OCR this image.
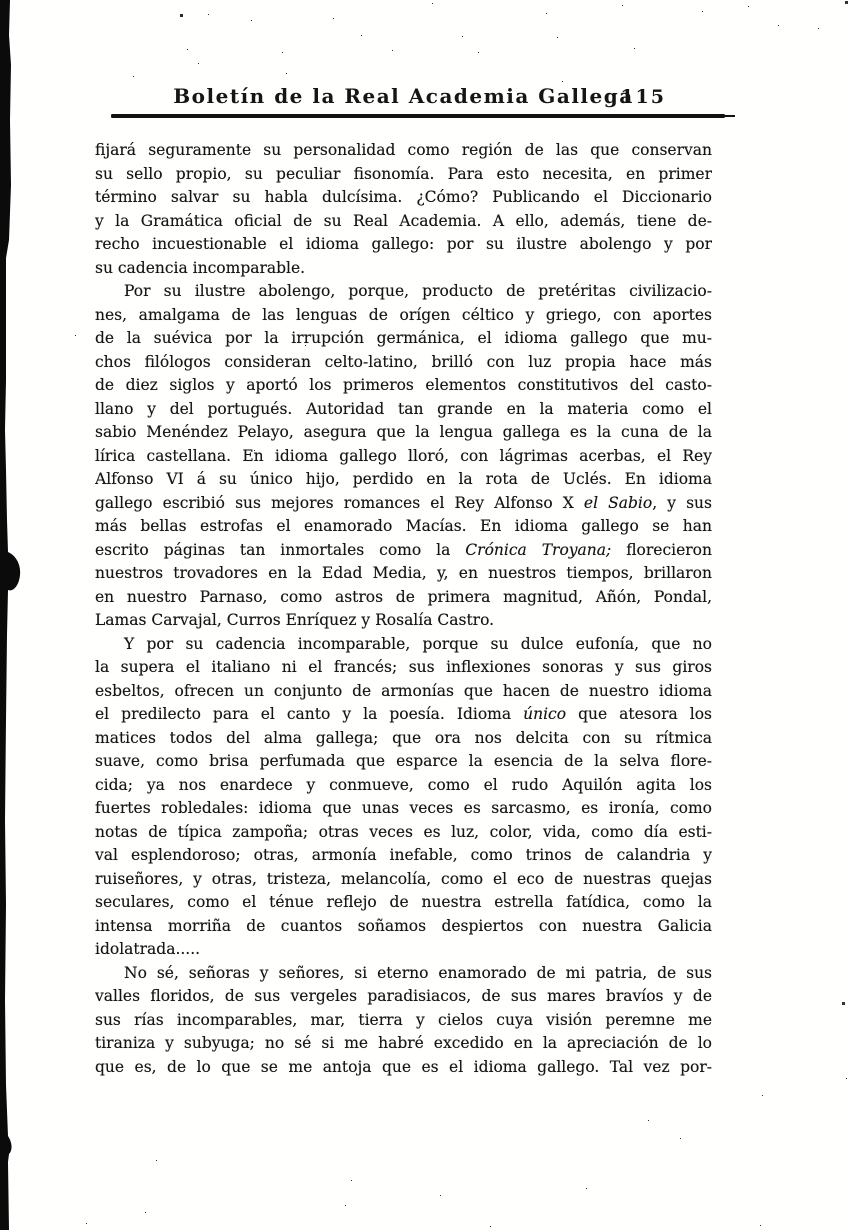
Boletín de la Real Academia Gallega
115
fijará seguramente su personalidad como región de las que conservan
su sello propio, su peculiar fisonomía. Para esto necesita, en primer
término salvar su habla dulcísima. ¿Cómo? Publicando el Diccionario
y la Gramática oficial de su Real Academia. A ello, además, tiene de-
recho incuestionable el idioma gallego: por su ilustre abolengo y por
su cadencia incomparable.
Por su ilustre abolengo, porque, producto de pretéritas civilizacio-
nes, amalgama de las lenguas de orígen céltico y griego, con aportes
de la suévica por la irrupción germánica, el idioma gallego que mu-
chos filólogos consideran celto-latino, brilló con luz propia hace más
de diez siglos y aportó los primeros elementos constitutivos del casto-
llano y del portugués. Autoridad tan grande en la materia como el
sabio Menéndez Pelayo, asegura que la lengua gallega es la cuna de la
lírica castellana. En idioma gallego lloró, con lágrimas acerbas, el Rey
Alfonso VI á su único hijo, perdido en la rota de Uclés. En idioma
gallego escribió sus mejores romances el Rey Alfonso X el Sabio, y sus
más bellas estrofas el enamorado Macías. En idioma gallego se han
escrito páginas tan inmortales como la Crónica Troyana; florecieron
nuestros trovadores en la Edad Media, y, en nuestros tiempos, brillaron
en nuestro Parnaso, como astros de primera magnitud, Añón, Pondal,
Lamas Carvajal, Curros Enríquez y Rosalía Castro.
Y por su cadencia incomparable, porque su dulce eufonía, que no
la supera el italiano ni el francés; sus inflexiones sonoras y sus giros
esbeltos, ofrecen un conjunto de armonías que hacen de nuestro idioma
el predilecto para el canto y la poesía. Idioma único que atesora los
matices todos del alma gallega; que ora nos delcita con su rítmica
suave, como brisa perfumada que esparce la esencia de la selva flore-
cida; ya nos enardece y conmueve, como el rudo Aquilón agita los
fuertes robledales: idioma que unas veces es sarcasmo, es ironía, como
notas de típica zampoña; otras veces es luz, color, vida, como día esti-
val esplendoroso; otras, armonía inefable, como trinos de calandria y
ruiseñores, y otras, tristeza, melancolía, como el eco de nuestras quejas
seculares, como el ténue reflejo de nuestra estrella fatídica, como la
intensa morriña de cuantos soñamos despiertos con nuestra Galicia
idolatrada.....
No sé, señoras y señores, si eterno enamorado de mi patria, de sus
valles floridos, de sus vergeles paradisiacos, de sus mares bravíos y de
sus rías incomparables, mar, tierra y cielos cuya visión peremne me
tiraniza y subyuga; no sé si me habré excedido en la apreciación de lo
que es, de lo que se me antoja que es el idioma gallego. Tal vez por-
